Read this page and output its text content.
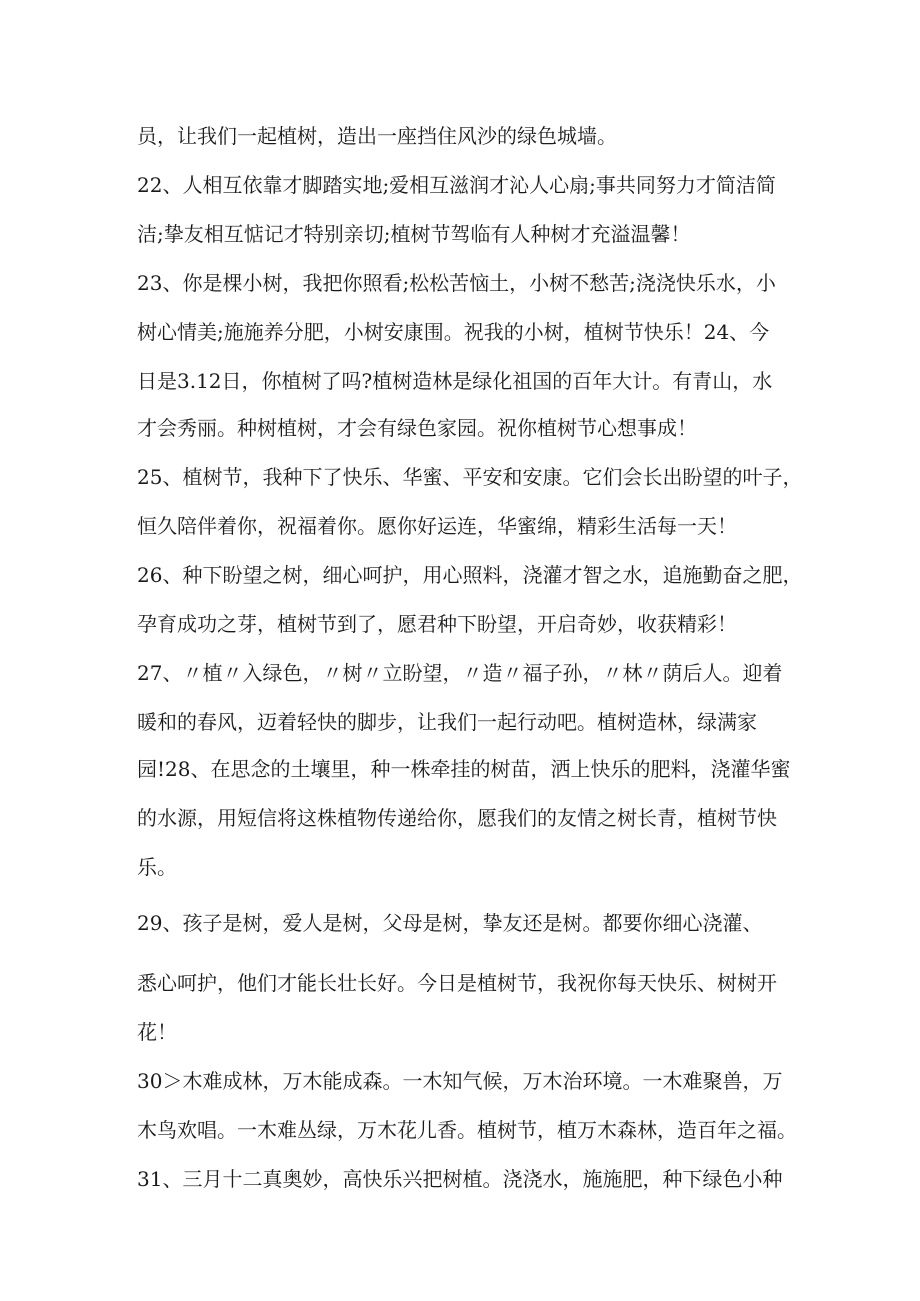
员，让我们一起植树，造出一座挡住风沙的绿色城墙。
22、人相互依靠才脚踏实地;爱相互滋润才沁人心扇;事共同努力才简洁简
洁;挚友相互惦记才特别亲切;植树节驾临有人种树才充溢温馨！
23、你是棵小树，我把你照看;松松苦恼土，小树不愁苦;浇浇快乐水，小
树心情美;施施养分肥，小树安康围。祝我的小树，植树节快乐！24、今
日是3.12日，你植树了吗?植树造林是绿化祖国的百年大计。有青山，水
才会秀丽。种树植树，才会有绿色家园。祝你植树节心想事成！
25、植树节，我种下了快乐、华蜜、平安和安康。它们会长出盼望的叶子，
恒久陪伴着你，祝福着你。愿你好运连，华蜜绵，精彩生活每一天！
26、种下盼望之树，细心呵护，用心照料，浇灌才智之水，追施勤奋之肥，
孕育成功之芽，植树节到了，愿君种下盼望，开启奇妙，收获精彩！
27、〃植〃入绿色，〃树〃立盼望，〃造〃福子孙，〃林〃荫后人。迎着
暖和的春风，迈着轻快的脚步，让我们一起行动吧。植树造林，绿满家
园!28、在思念的土壤里，种一株牵挂的树苗，洒上快乐的肥料，浇灌华蜜
的水源，用短信将这株植物传递给你，愿我们的友情之树长青，植树节快
乐。
29、孩子是树，爱人是树，父母是树，挚友还是树。都要你细心浇灌、
悉心呵护，他们才能长壮长好。今日是植树节，我祝你每天快乐、树树开
花！
30＞木难成林，万木能成森。一木知气候，万木治环境。一木难聚兽，万
木鸟欢唱。一木难丛绿，万木花儿香。植树节，植万木森林，造百年之福。
31、三月十二真奥妙，高快乐兴把树植。浇浇水，施施肥，种下绿色小种
